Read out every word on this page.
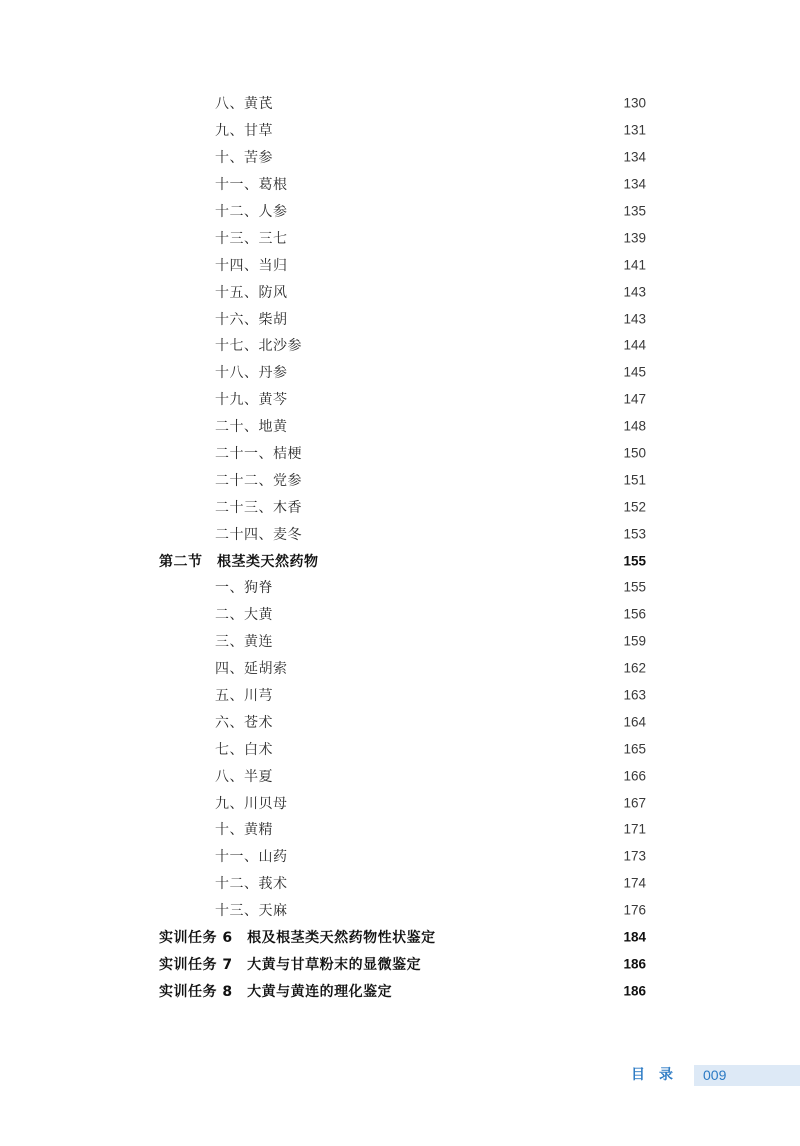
八、黄芪	130
九、甘草	131
十、苦参	134
十一、葛根	134
十二、人参	135
十三、三七	139
十四、当归	141
十五、防风	143
十六、柴胡	143
十七、北沙参	144
十八、丹参	145
十九、黄芩	147
二十、地黄	148
二十一、桔梗	150
二十二、党参	151
二十三、木香	152
二十四、麦冬	153
第二节　根茎类天然药物	155
一、狗脊	155
二、大黄	156
三、黄连	159
四、延胡索	162
五、川芎	163
六、苍术	164
七、白术	165
八、半夏	166
九、川贝母	167
十、黄精	171
十一、山药	173
十二、莪术	174
十三、天麻	176
实训任务 6　根及根茎类天然药物性状鉴定	184
实训任务 7　大黄与甘草粉末的显微鉴定	186
实训任务 8　大黄与黄连的理化鉴定	186
目录 009
